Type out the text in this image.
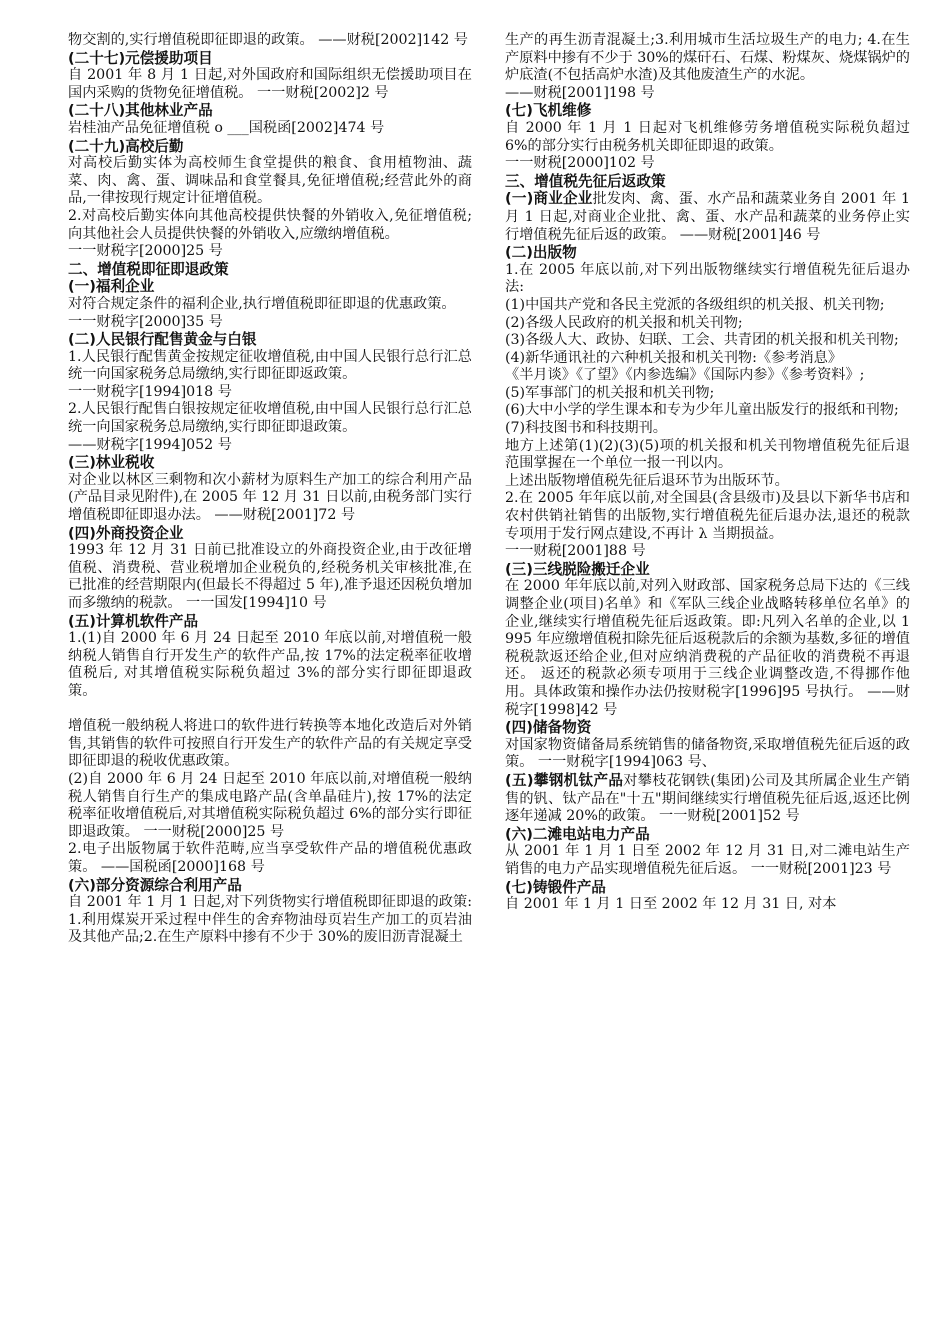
物交割的,实行增值税即征即退的政策。 ——财税[2002]142 号
(二十七)元偿援助项目
自 2001 年 8 月 1 日起,对外国政府和国际组织无偿援助项目在国内采购的货物免征增值税。 一一财税[2002]2 号
(二十八)其他林业产品
岩桂油产品免征增值税 o ___国税函[2002]474 号
(二十九)高校后勤
对高校后勤实体为高校师生食堂提供的粮食、食用植物油、蔬菜、肉、禽、蛋、调味品和食堂餐具,免征增值税;经营此外的商品,一律按现行规定计征增值税。
2.对高校后勤实体向其他高校提供快餐的外销收入,免征增值税;向其他社会人员提供快餐的外销收入,应缴纳增值税。
一一财税字[2000]25 号
二、增值税即征即退政策
(一)福利企业
对符合规定条件的福利企业,执行增值税即征即退的优惠政策。
一一财税字[2000]35 号
(二)人民银行配售黄金与白银
1.人民银行配售黄金按规定征收增值税,由中国人民银行总行汇总统一向国家税务总局缴纳,实行即征即返政策。
一一财税字[1994]018 号
2.人民银行配售白银按规定征收增值税,由中国人民银行总行汇总统一向国家税务总局缴纳,实行即征即退政策。
——财税字[1994]052 号
(三)林业税收
对企业以林区三剩物和次小薪材为原料生产加工的综合利用产品(产品目录见附件),在 2005 年 12 月 31 日以前,由税务部门实行增值税即征即退办法。 ——财税[2001]72 号
(四)外商投资企业
1993 年 12 月 31 日前已批准设立的外商投资企业,由于改征增值税、消费税、营业税增加企业税负的,经税务机关审核批准,在已批准的经营期限内(但最长不得超过 5 年),准予退还因税负增加而多缴纳的税款。 一一国发[1994]10 号
(五)计算机软件产品
1.(1)自 2000 年 6 月 24 日起至 2010 年底以前,对增值税一般纳税人销售自行开发生产的软件产品,按 17%的法定税率征收增值税后, 对其增值税实际税负超过 3%的部分实行即征即退政策。
增值税一般纳税人将进口的软件进行转换等本地化改造后对外销售,其销售的软件可按照自行开发生产的软件产品的有关规定享受即征即退的税收优惠政策。
(2)自 2000 年 6 月 24 日起至 2010 年底以前,对增值税一般纳税人销售自行生产的集成电路产品(含单晶硅片),按 17%的法定税率征收增值税后,对其增值税实际税负超过 6%的部分实行即征即退政策。 一一财税[2000]25 号
2.电子出版物属于软件范畴,应当享受软件产品的增值税优惠政策。 ——国税函[2000]168 号
(六)部分资源综合利用产品
自 2001 年 1 月 1 日起,对下列货物实行增值税即征即退的政策:1.利用煤炭开采过程中伴生的舍弃物油母页岩生产加工的页岩油及其他产品;2.在生产原料中掺有不少于 30%的废旧沥青混凝土
生产的再生沥青混凝土;3.利用城市生活垃圾生产的电力; 4.在生产原料中掺有不少于 30%的煤矸石、石煤、粉煤灰、烧煤锅炉的炉底渣(不包括高炉水渣)及其他废渣生产的水泥。
——财税[2001]198 号
(七)飞机维修
自 2000 年 1 月 1 日起对飞机维修劳务增值税实际税负超过 6%的部分实行由税务机关即征即退的政策。
一一财税[2000]102 号
三、增值税先征后返政策
(一)商业企业批发肉、禽、蛋、水产品和蔬菜业务自 2001 年 1 月 1 日起,对商业企业批、禽、蛋、水产品和蔬菜的业务停止实行增值税先征后返的政策。 ——财税[2001]46 号
(二)出版物
1.在 2005 年底以前,对下列出版物继续实行增值税先征后退办法:
(1)中国共产党和各民主党派的各级组织的机关报、机关刊物;
(2)各级人民政府的机关报和机关刊物;
(3)各级人大、政协、妇联、工会、共青团的机关报和机关刊物;
(4)新华通讯社的六种机关报和机关刊物:《参考消息》
《半月谈》《了望》《内参选编》《国际内参》《参考资料》;
(5)军事部门的机关报和机关刊物;
(6)大中小学的学生课本和专为少年儿童出版发行的报纸和刊物;
(7)科技图书和科技期刊。
地方上述第(1)(2)(3)(5)项的机关报和机关刊物增值税先征后退范围掌握在一个单位一报一刊以内。
上述出版物增值税先征后退环节为出版环节。
2.在 2005 年年底以前,对全国县(含县级市)及县以下新华书店和农村供销社销售的出版物,实行增值税先征后退办法,退还的税款专项用于发行网点建设,不再计 λ 当期损益。
一一财税[2001]88 号
(三)三线脱险搬迁企业
在 2000 年年底以前,对列入财政部、国家税务总局下达的《三线调整企业(项目)名单》和《军队三线企业战略转移单位名单》的企业,继续实行增值税先征后返政策。即:凡列入名单的企业,以 1995 年应缴增值税扣除先征后返税款后的余额为基数,多征的增值税税款返还给企业,但对应纳消费税的产品征收的消费税不再退还。 返还的税款必须专项用于三线企业调整改造,不得挪作他用。具体政策和操作办法仍按财税字[1996]95 号执行。 ——财税字[1998]42 号
(四)储备物资
对国家物资储备局系统销售的储备物资,采取增值税先征后返的政策。 一一财税字[1994]063 号、
(五)攀钢机钛产品对攀枝花钢铁(集团)公司及其所属企业生产销售的钒、钛产品在"十五"期间继续实行增值税先征后返,返还比例逐年递减 20%的政策。 一一财税[2001]52 号
(六)二滩电站电力产品
从 2001 年 1 月 1 日至 2002 年 12 月 31 日,对二滩电站生产销售的电力产品实现增值税先征后返。 一一财税[2001]23 号
(七)铸锻件产品
自 2001 年 1 月 1 日至 2002 年 12 月 31 日, 对本
